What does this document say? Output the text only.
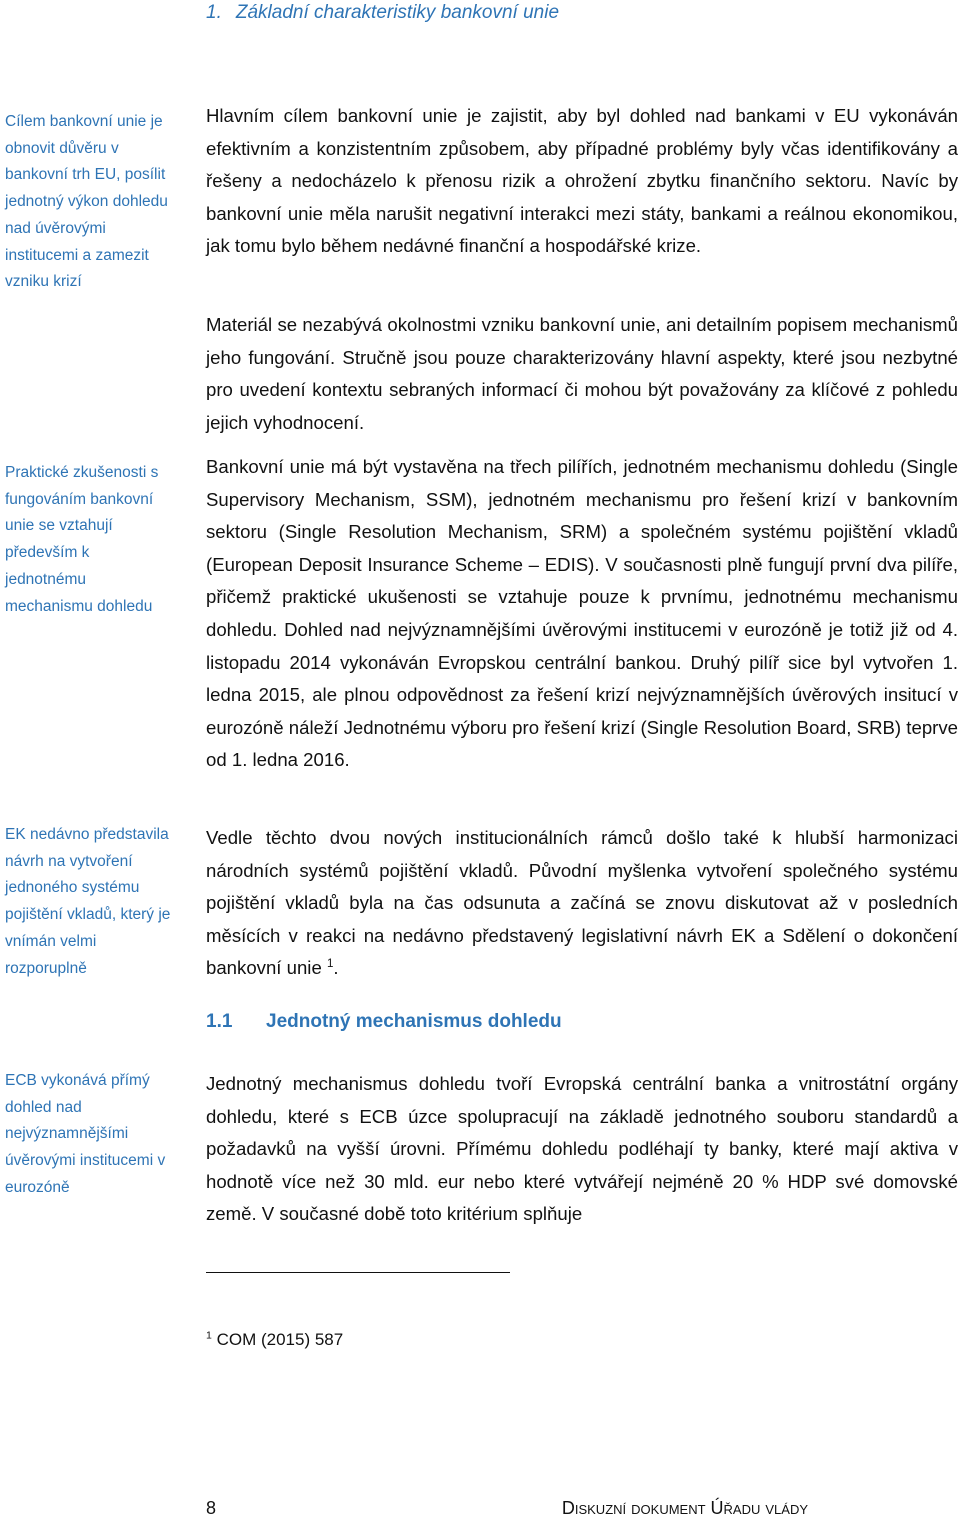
1. Základní charakteristiky bankovní unie
Cílem bankovní unie je obnovit důvěru v bankovní trh EU, posílit jednotný výkon dohledu nad úvěrovými institucemi a zamezit vzniku krizí
Praktické zkušenosti s fungováním bankovní unie se vztahují především k jednotnému mechanismu dohledu
EK nedávno představila návrh na vytvoření jednoného systému pojištění vkladů, který je vnímán velmi rozporuplně
ECB vykonává přímý dohled nad nejvýznamnějšími úvěrovými institucemi v eurozóně

Hlavním cílem bankovní unie je zajistit, aby byl dohled nad bankami v EU vykonáván efektivním a konzistentním způsobem, aby případné problémy byly včas identifikovány a řešeny a nedocházelo k přenosu rizik a ohrožení zbytku finančního sektoru. Navíc by bankovní unie měla narušit negativní interakci mezi státy, bankami a reálnou ekonomikou, jak tomu bylo během nedávné finanční a hospodářské krize.

Materiál se nezabývá okolnostmi vzniku bankovní unie, ani detailním popisem mechanismů jeho fungování. Stručně jsou pouze charakterizovány hlavní aspekty, které jsou nezbytné pro uvedení kontextu sebraných informací či mohou být považovány za klíčové z pohledu jejich vyhodnocení.

Bankovní unie má být vystavěna na třech pilířích, jednotném mechanismu dohledu (Single Supervisory Mechanism, SSM), jednotném mechanismu pro řešení krizí v bankovním sektoru (Single Resolution Mechanism, SRM) a společném systému pojištění vkladů (European Deposit Insurance Scheme – EDIS). V současnosti plně fungují první dva pilíře, přičemž praktické ukušenosti se vztahuje pouze k prvnímu, jednotnému mechanismu dohledu. Dohled nad nejvýznamnějšími úvěrovými institucemi v eurozóně je totiž již od 4. listopadu 2014 vykonáván Evropskou centrální bankou. Druhý pilíř sice byl vytvořen 1. ledna 2015, ale plnou odpovědnost za řešení krizí nejvýznamnějších úvěrových insitucí v eurozóně náleží Jednotnému výboru pro řešení krizí (Single Resolution Board, SRB) teprve od 1. ledna 2016.

Vedle těchto dvou nových institucionálních rámců došlo také k hlubší harmonizaci národních systémů pojištění vkladů. Původní myšlenka vytvoření společného systému pojištění vkladů byla na čas odsunuta a začíná se znovu diskutovat až v posledních měsících v reakci na nedávno představený legislativní návrh EK a Sdělení o dokončení bankovní unie $^1$.

1.1 Jednotný mechanismus dohledu

Jednotný mechanismus dohledu tvoří Evropská centrální banka a vnitrostátní orgány dohledu, které s ECB úzce spolupracují na základě jednotného souboru standardů a požadavků na vyšší úrovni. Přímému dohledu podléhají ty banky, které mají aktiva v hodnotě více než 30 mld. eur nebo které vytvářejí nejméně 20 % HDP své domovské země. V současné době toto kritérium splňuje

$^1$ COM (2015) 587
8	Diskuzní dokument Úřadu vlády
